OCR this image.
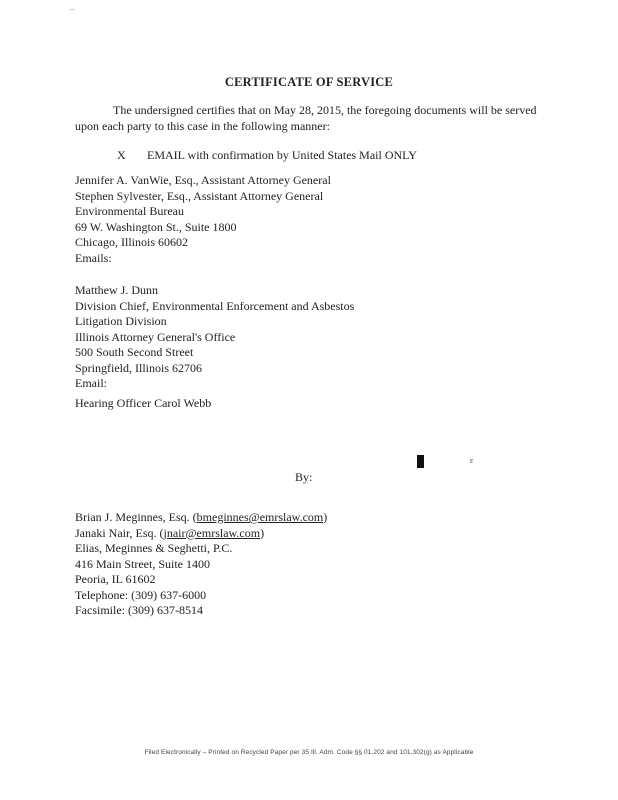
–
CERTIFICATE OF SERVICE
The undersigned certifies that on May 28, 2015, the foregoing documents will be served upon each party to this case in the following manner:
X EMAIL with confirmation by United States Mail ONLY
Jennifer A. VanWie, Esq., Assistant Attorney General
Stephen Sylvester, Esq., Assistant Attorney General
Environmental Bureau
69 W. Washington St., Suite 1800
Chicago, Illinois 60602
Emails:
Matthew J. Dunn
Division Chief, Environmental Enforcement and Asbestos
Litigation Division
Illinois Attorney General's Office
500 South Second Street
Springfield, Illinois 62706
Email:
Hearing Officer Carol Webb
ɛ
By:
Brian J. Meginnes, Esq. (bmeginnes@emrslaw.com)
Janaki Nair, Esq. (jnair@emrslaw.com)
Elias, Meginnes & Seghetti, P.C.
416 Main Street, Suite 1400
Peoria, IL 61602
Telephone: (309) 637-6000
Facsimile: (309) 637-8514
Filed Electronically – Printed on Recycled Paper per 35 Ill. Adm. Code §§ 01.202 and 101.302(g) as Applicable
